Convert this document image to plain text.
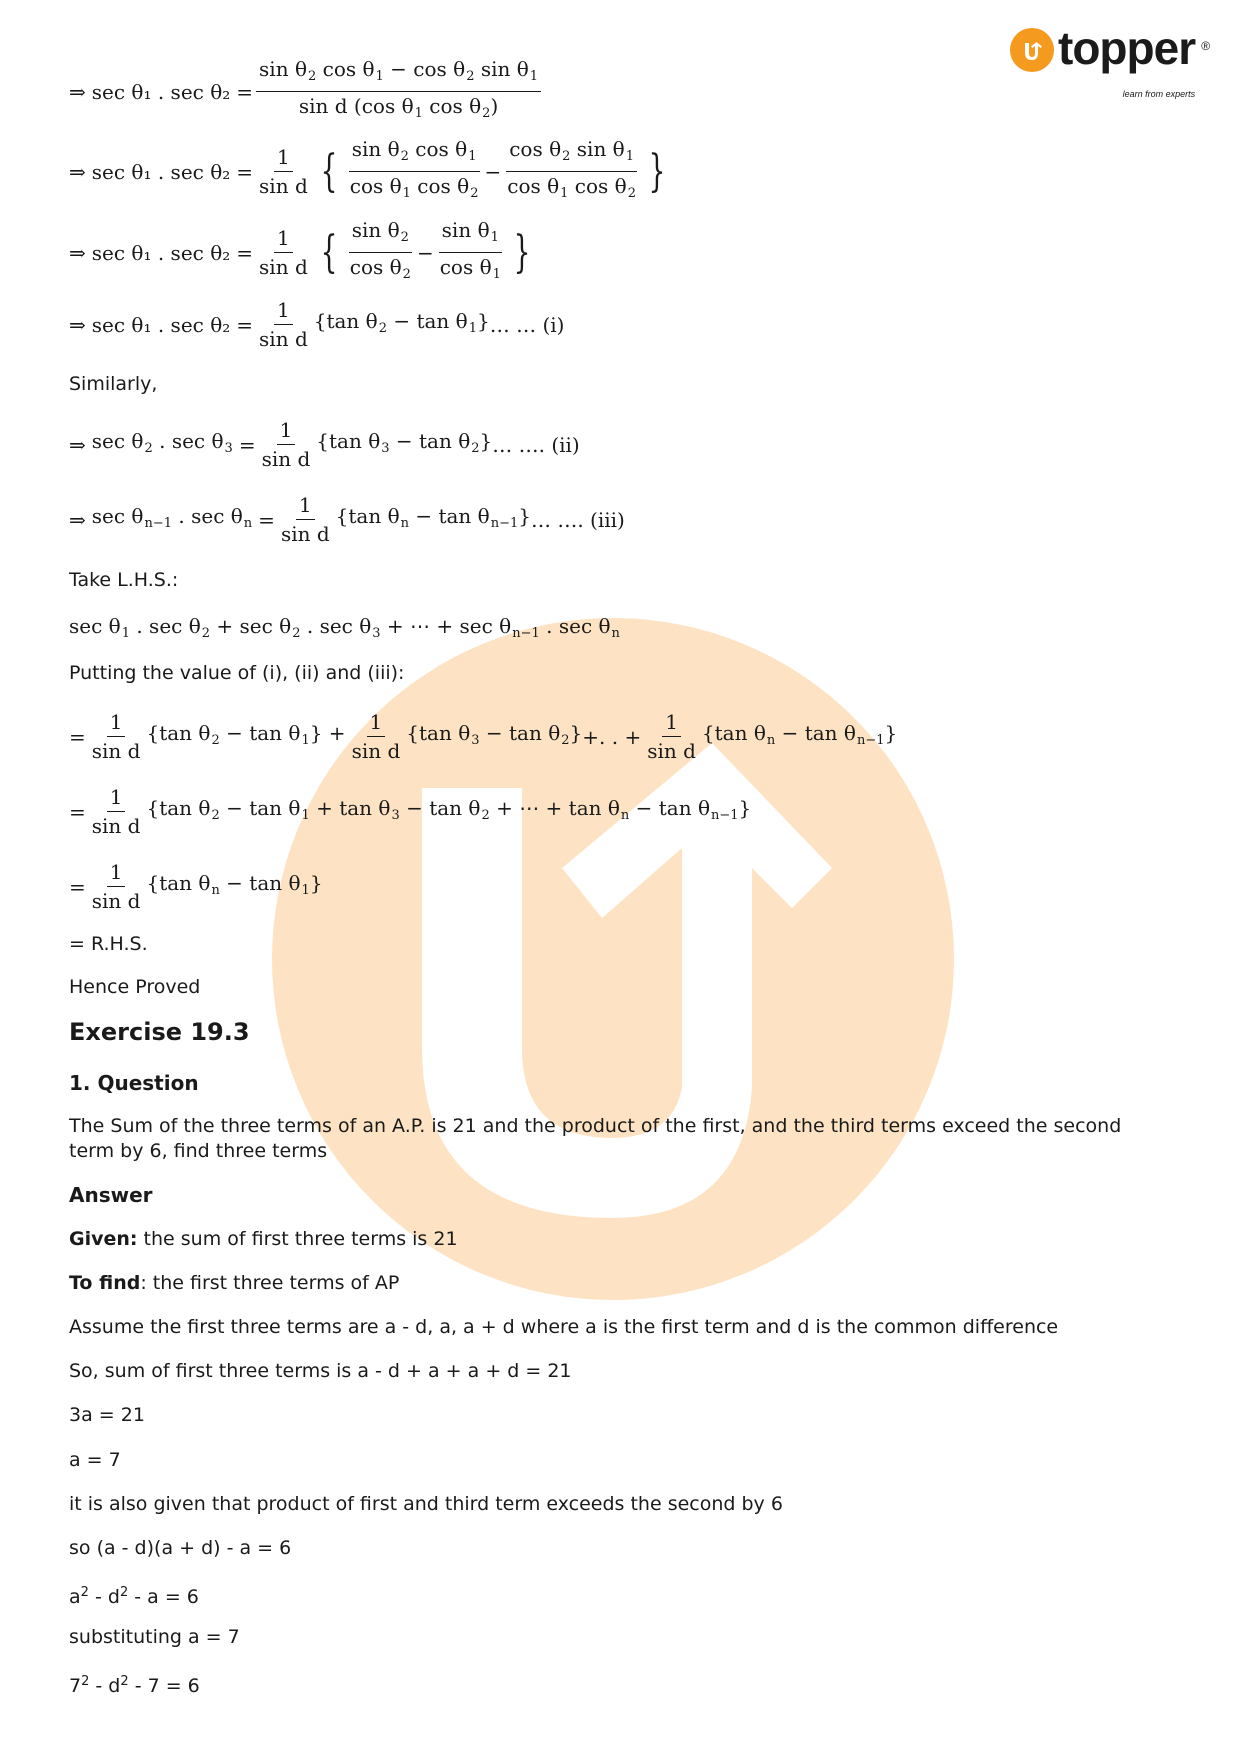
topper ®
learn from experts
⇒ sec θ₁ . $\sec \theta_2 = \frac{\sin \theta_2 \cos \theta_1 - \cos \theta_2 \sin \theta_1}{\sin d (\cos \theta_1 \cos \theta_2)}$
⇒ sec θ₁ . $\sec \theta_2 = \frac{1}{\text{sin d}}$ { $\frac{\sin \theta_2 \cos \theta_1}{\cos \theta_1 \cos \theta_2} - \frac{\cos \theta_2 \sin \theta_1}{\cos \theta_1 \cos \theta_2}$ }
⇒ sec θ₁ . $\sec \theta_2 = \frac{1}{\text{sin d}}$ { $\frac{\sin \theta_2}{\cos \theta_2} - \frac{\sin \theta_1}{\cos \theta_1}$ }
⇒ sec θ₁ . $\sec \theta_2 = \frac{1}{\text{sin d}} \{\tan$ $\theta_2 - \tan \theta_1$} … … (i)
Similarly,
⇒ $\sec \theta_2$ . $\sec \theta_3 = \frac{1}{\text{sin d}} \{\tan$ $\theta_3 - \tan \theta_2$} … …. (ii)
⇒ $\sec \theta_{n-1}$ . $\sec \theta_n = \frac{1}{\text{sin d}} \{\tan$ $\theta_n - \tan \theta_{n-1}$} … …. (iii)
Take L.H.S.:
$\sec \theta_1$ . $\sec \theta_2 + \sec \theta_2$ . $\sec \theta_3$ + ⋯ + $\sec \theta_{n-1}$ . $\sec \theta_n$
Putting the value of (i), (ii) and (iii):
= $\frac{1}{\text{sin d}} \{\tan$ $\theta_2 - \tan \theta_1\} + \frac{1}{\text{sin d}} \{\tan$ $\theta_3 - \tan \theta_2$} +. . + $\frac{1}{\text{sin d}} \{\tan$ $\theta_n - \tan \theta_{n-1}$}
= $\frac{1}{\text{sin d}} \{\tan$ $\theta_2 - \tan \theta_1 + \tan \theta_3 - \tan \theta_2$ + ⋯ + $\tan \theta_n - \tan \theta_{n-1}$}
= $\frac{1}{\text{sin d}} \{\tan$ $\theta_n - \tan \theta_1$}
= R.H.S.
Hence Proved
Exercise 19.3
1. Question
The Sum of the three terms of an A.P. is 21 and the product of the first, and the third terms exceed the second term by 6, find three terms
Answer
Given: the sum of first three terms is 21
To find: the first three terms of AP
Assume the first three terms are a - d, a, a + d where a is the first term and d is the common difference
So, sum of first three terms is a - d + a + a + d = 21
3a = 21
a = 7
it is also given that product of first and third term exceeds the second by 6
so (a - d)(a + d) - a = 6
$a^2 - d^2 - a = 6$
substituting a = 7
$7^2 - d^2 - 7 = 6$
